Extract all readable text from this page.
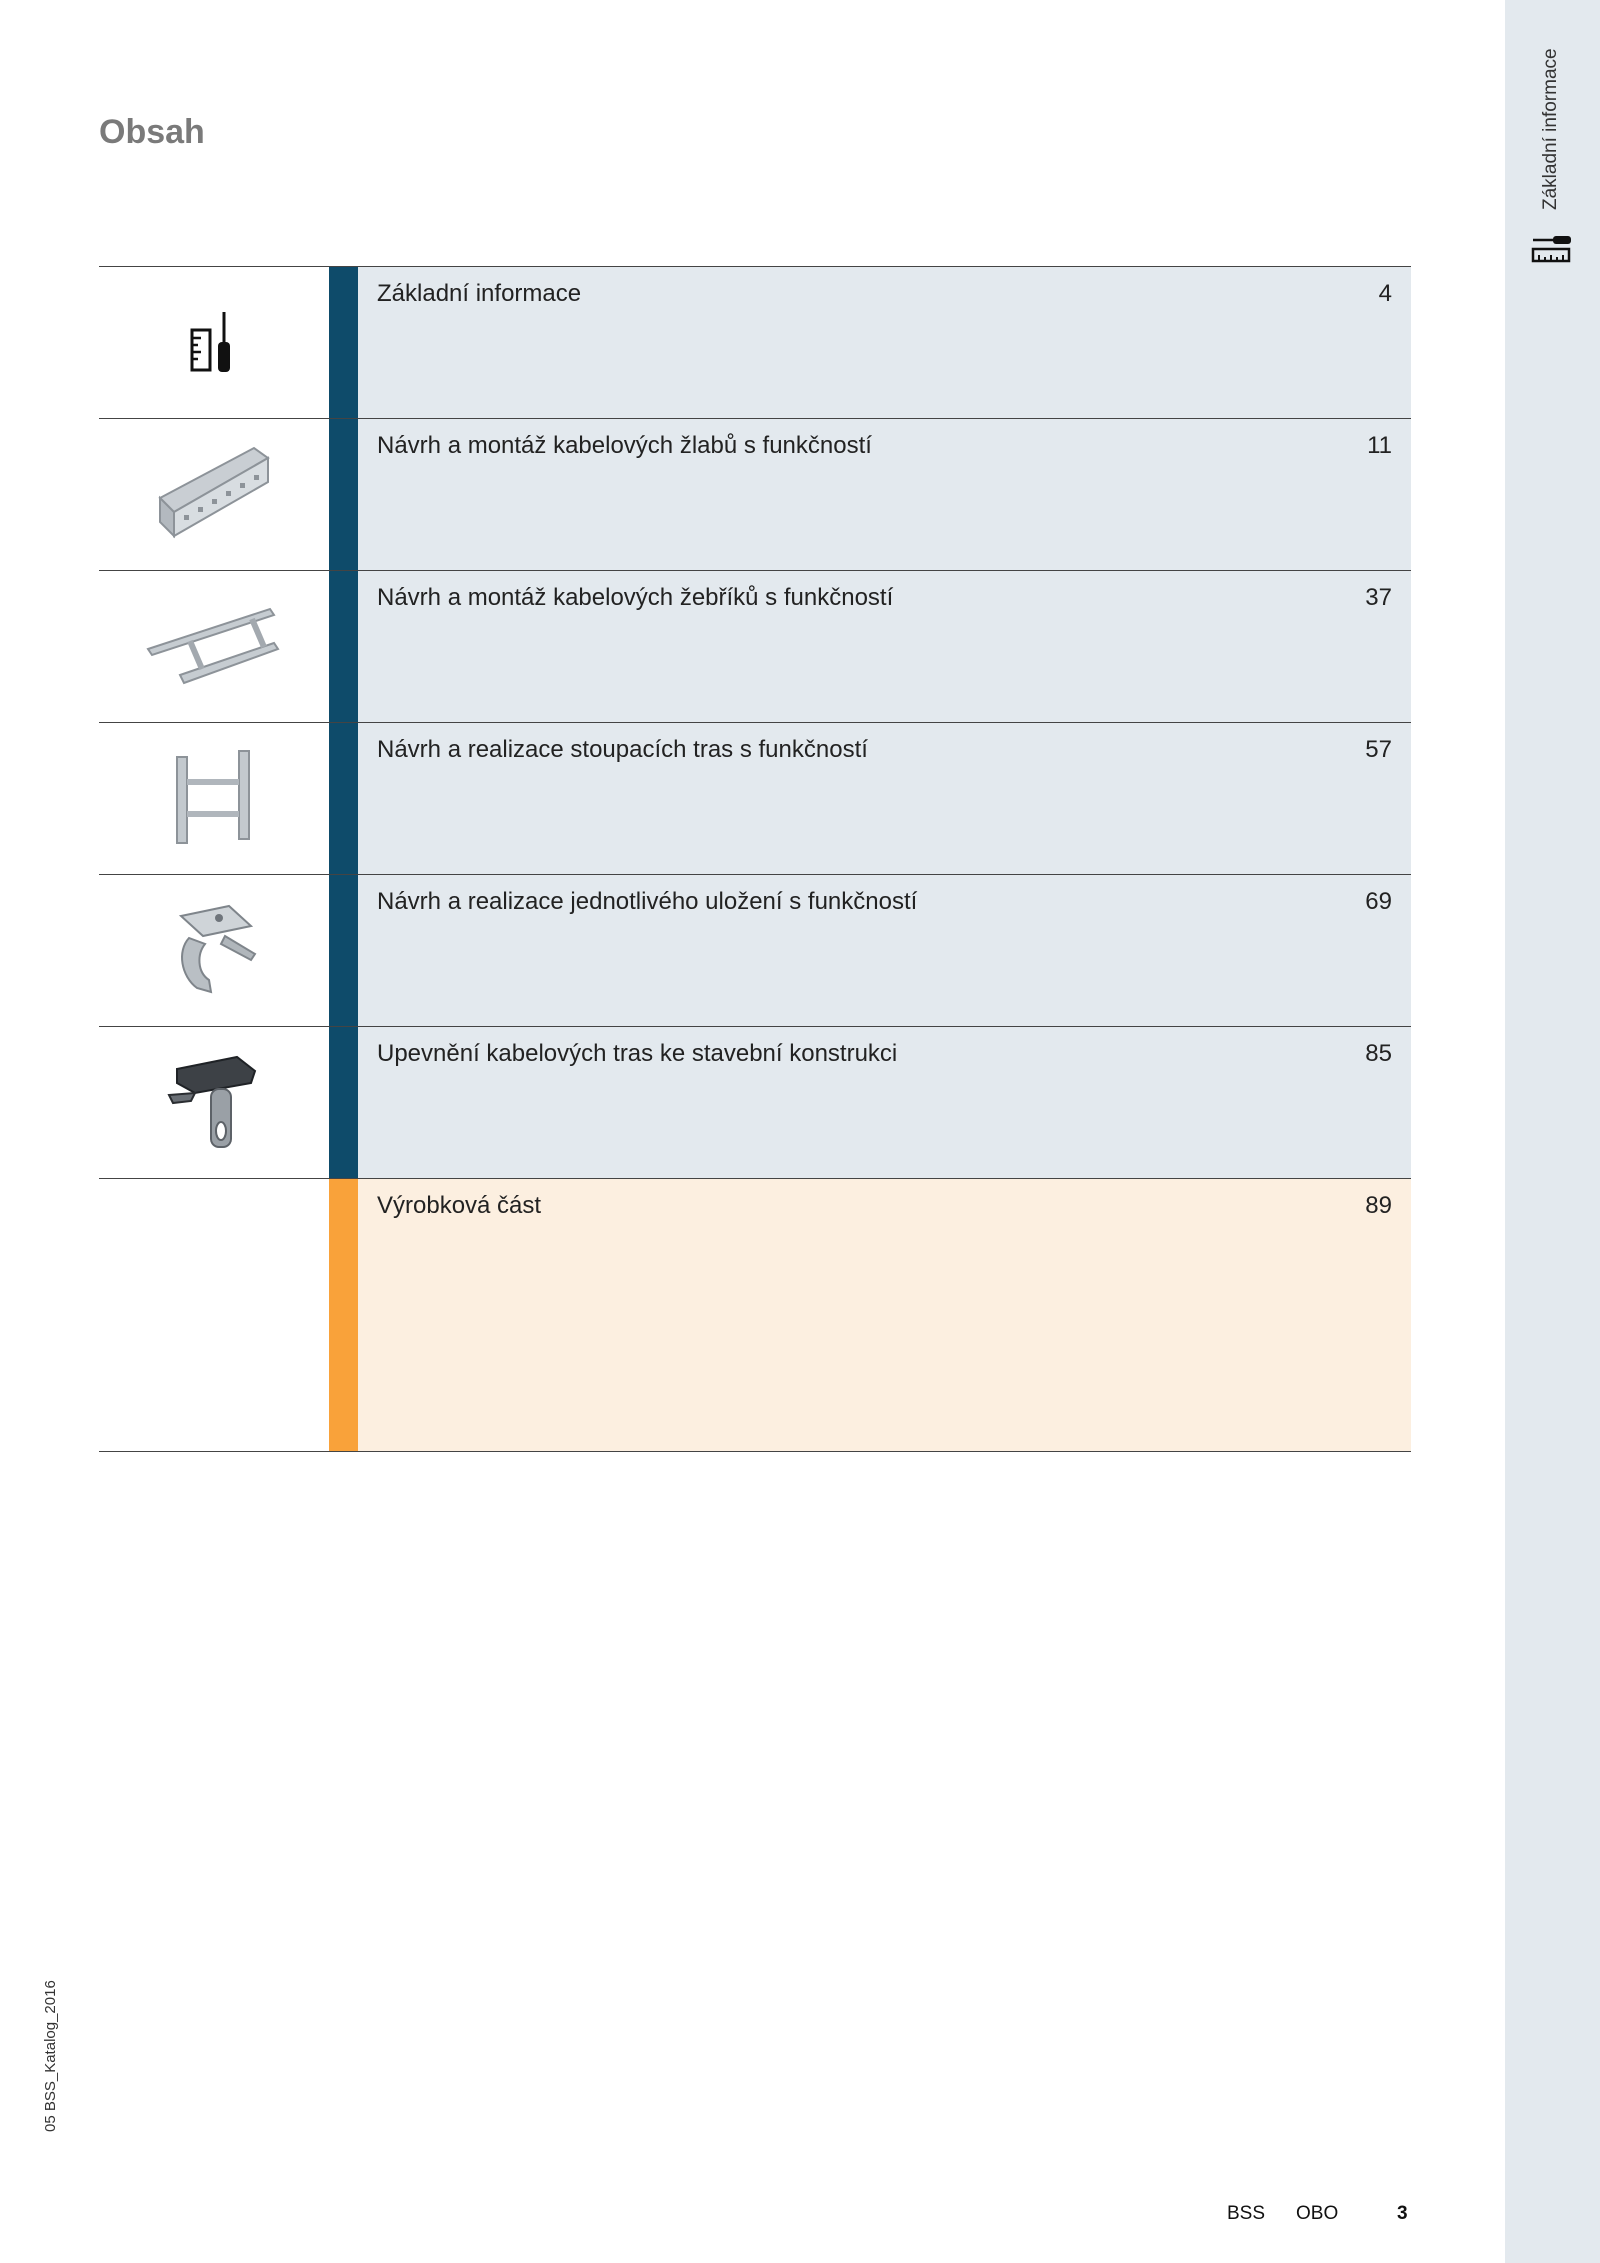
Základní informace
Obsah
Základní informace	4
Návrh a montáž kabelových žlabů s funkčností	11
Návrh a montáž kabelových žebříků s funkčností	37
Návrh a realizace stoupacích tras s funkčností	57
Návrh a realizace jednotlivého uložení s funkčností	69
Upevnění kabelových tras ke stavební konstrukci	85
Výrobková část	89
05 BSS_Katalog_2016
BSS OBO	3
